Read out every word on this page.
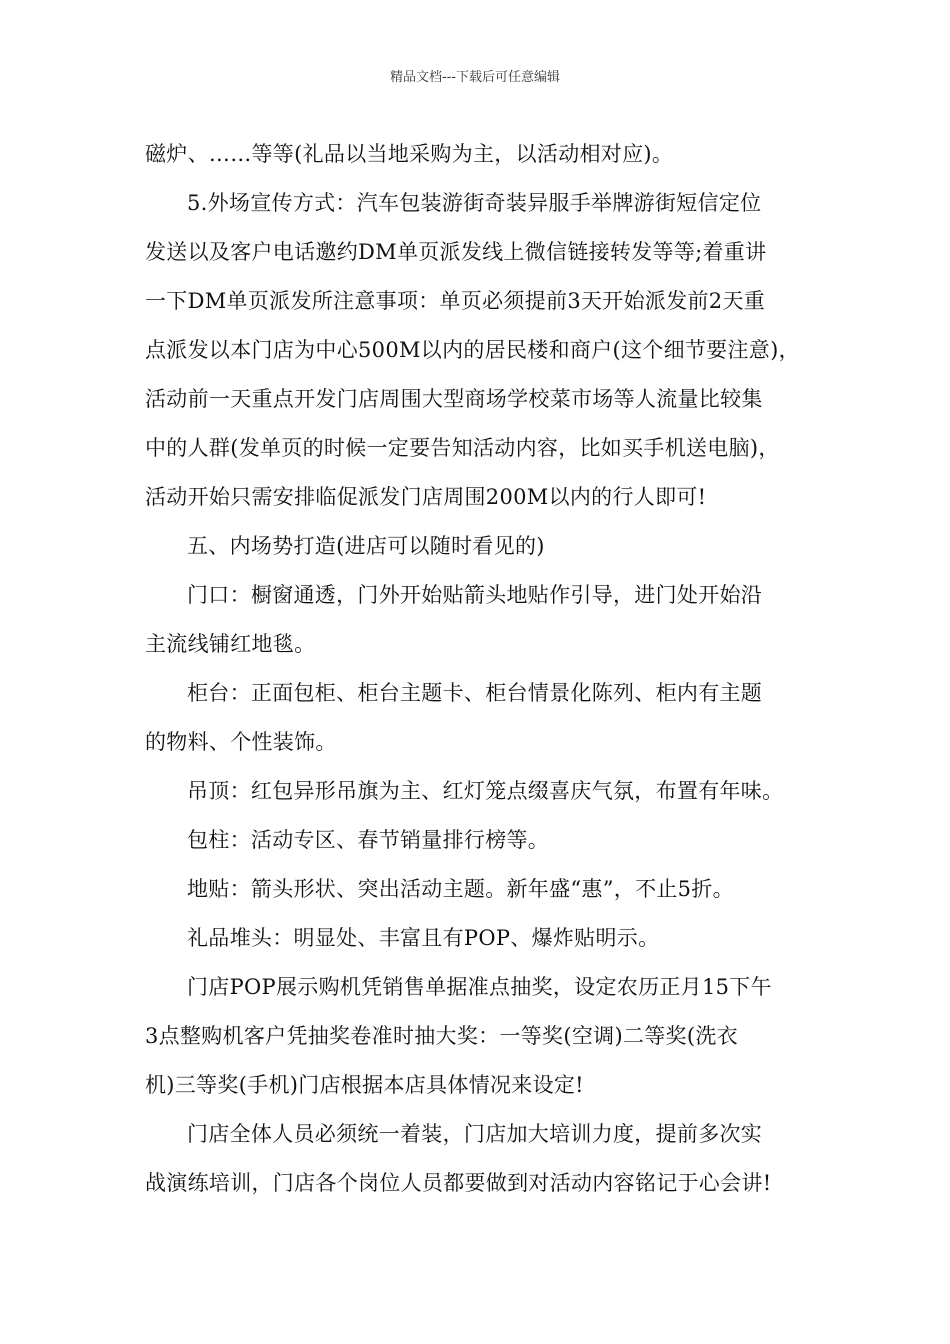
精品文档---下载后可任意编辑
磁炉、……等等(礼品以当地采购为主，以活动相对应)。
5.外场宣传方式：汽车包装游街奇装异服手举牌游街短信定位
发送以及客户电话邀约DM单页派发线上微信链接转发等等;着重讲
一下DM单页派发所注意事项：单页必须提前3天开始派发前2天重
点派发以本门店为中心500M以内的居民楼和商户(这个细节要注意)，
活动前一天重点开发门店周围大型商场学校菜市场等人流量比较集
中的人群(发单页的时候一定要告知活动内容，比如买手机送电脑)，
活动开始只需安排临促派发门店周围200M以内的行人即可!
五、内场势打造(进店可以随时看见的)
门口：橱窗通透，门外开始贴箭头地贴作引导，进门处开始沿
主流线铺红地毯。
柜台：正面包柜、柜台主题卡、柜台情景化陈列、柜内有主题
的物料、个性装饰。
吊顶：红包异形吊旗为主、红灯笼点缀喜庆气氛，布置有年味。
包柱：活动专区、春节销量排行榜等。
地贴：箭头形状、突出活动主题。新年盛“惠”，不止5折。
礼品堆头：明显处、丰富且有POP、爆炸贴明示。
门店POP展示购机凭销售单据准点抽奖，设定农历正月15下午
3点整购机客户凭抽奖卷准时抽大奖：一等奖(空调)二等奖(洗衣
机)三等奖(手机)门店根据本店具体情况来设定!
门店全体人员必须统一着装，门店加大培训力度，提前多次实
战演练培训，门店各个岗位人员都要做到对活动内容铭记于心会讲!
